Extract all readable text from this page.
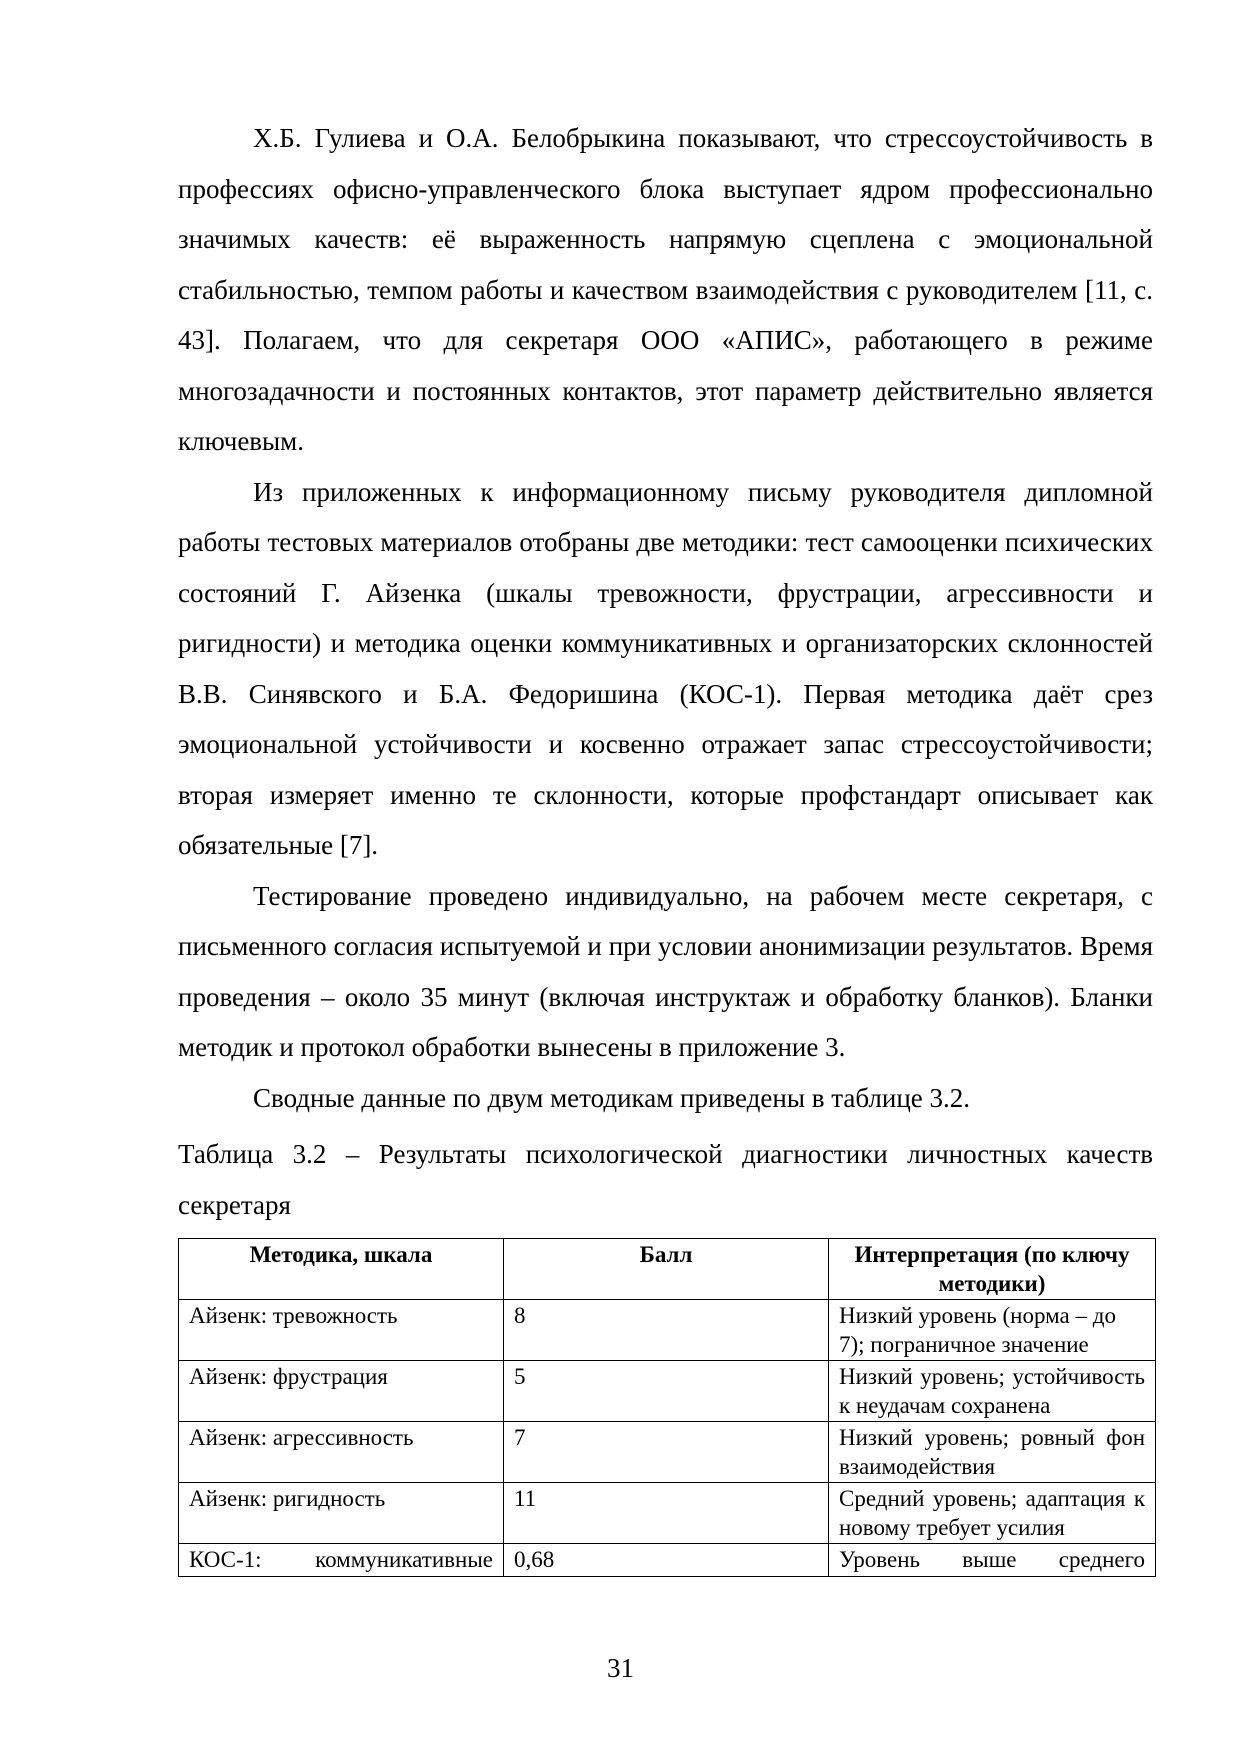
Х.Б. Гулиева и О.А. Белобрыкина показывают, что стрессоустойчивость в профессиях офисно-управленческого блока выступает ядром профессионально значимых качеств: её выраженность напрямую сцеплена с эмоциональной стабильностью, темпом работы и качеством взаимодействия с руководителем [11, с. 43]. Полагаем, что для секретаря ООО «АПИС», работающего в режиме многозадачности и постоянных контактов, этот параметр действительно является ключевым.

Из приложенных к информационному письму руководителя дипломной работы тестовых материалов отобраны две методики: тест самооценки психических состояний Г. Айзенка (шкалы тревожности, фрустрации, агрессивности и ригидности) и методика оценки коммуникативных и организаторских склонностей В.В. Синявского и Б.А. Федоришина (КОС-1). Первая методика даёт срез эмоциональной устойчивости и косвенно отражает запас стрессоустойчивости; вторая измеряет именно те склонности, которые профстандарт описывает как обязательные [7].

Тестирование проведено индивидуально, на рабочем месте секретаря, с письменного согласия испытуемой и при условии анонимизации результатов. Время проведения – около 35 минут (включая инструктаж и обработку бланков). Бланки методик и протокол обработки вынесены в приложение 3.

Сводные данные по двум методикам приведены в таблице 3.2.

Таблица 3.2 – Результаты психологической диагностики личностных качеств секретаря

Методика, шкала	Балл	Интерпретация (по ключу методики)
Айзенк: тревожность	8	Низкий уровень (норма – до 7); пограничное значение
Айзенк: фрустрация	5	Низкий уровень; устойчивость к неудачам сохранена
Айзенк: агрессивность	7	Низкий уровень; ровный фон взаимодействия
Айзенк: ригидность	11	Средний уровень; адаптация к новому требует усилия
КОС-1: коммуникативные	0,68	Уровень выше среднего
31
